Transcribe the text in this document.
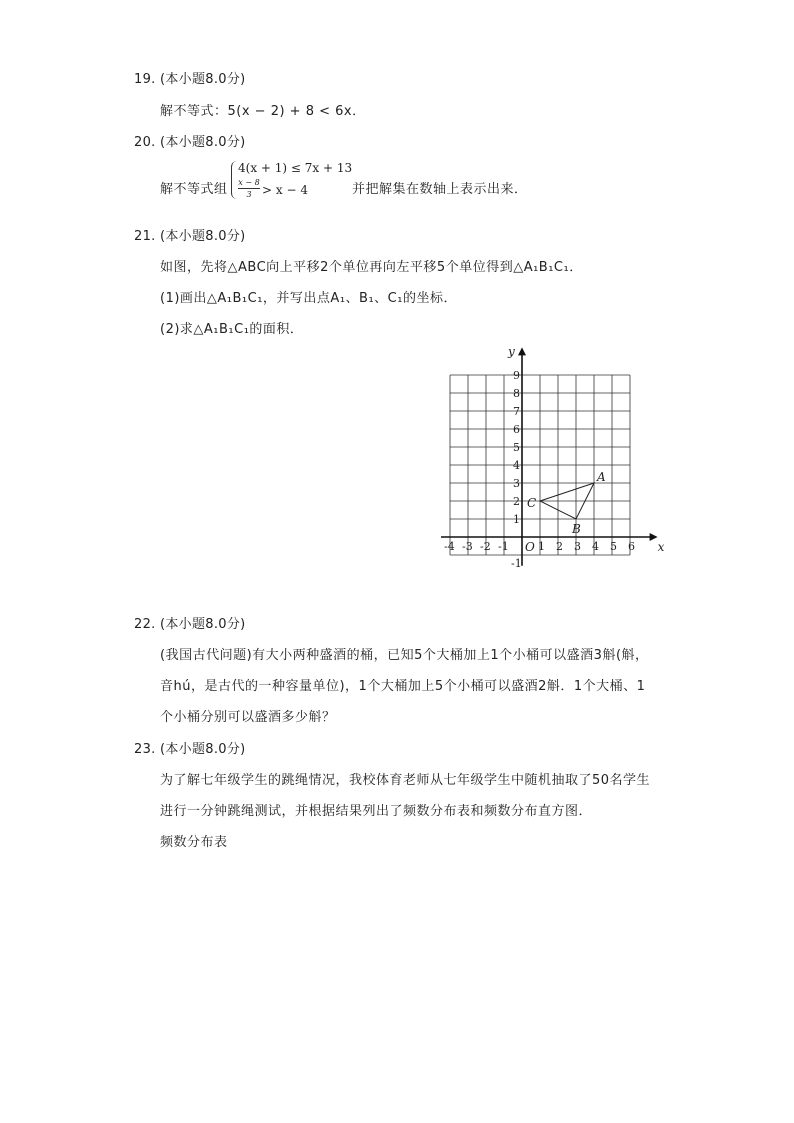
19. (本小题8.0分)
解不等式：5(x − 2) + 8 < 6x．
20. (本小题8.0分)
解不等式组
4(x + 1) ≤ 7x + 13
x − 8
3 > x − 4	并把解集在数轴上表示出来．
21. (本小题8.0分)
如图，先将△ABC向上平移2个单位再向左平移5个单位得到△A₁B₁C₁．
(1)画出△A₁B₁C₁，并写出点A₁、B₁、C₁的坐标．
(2)求△A₁B₁C₁的面积．
x
y
O
-4 -3 -2 -1	1 2 3 4 5 6
9
8
7
6
5
4
3
2
1
-1
A
B
C
22. (本小题8.0分)
(我国古代问题)有大小两种盛酒的桶，已知5个大桶加上1个小桶可以盛酒3斛(斛，
音hú，是古代的一种容量单位)，1个大桶加上5个小桶可以盛酒2斛．1个大桶、1
个小桶分别可以盛酒多少斛？
23. (本小题8.0分)
为了解七年级学生的跳绳情况，我校体育老师从七年级学生中随机抽取了50名学生
进行一分钟跳绳测试，并根据结果列出了频数分布表和频数分布直方图．
频数分布表
